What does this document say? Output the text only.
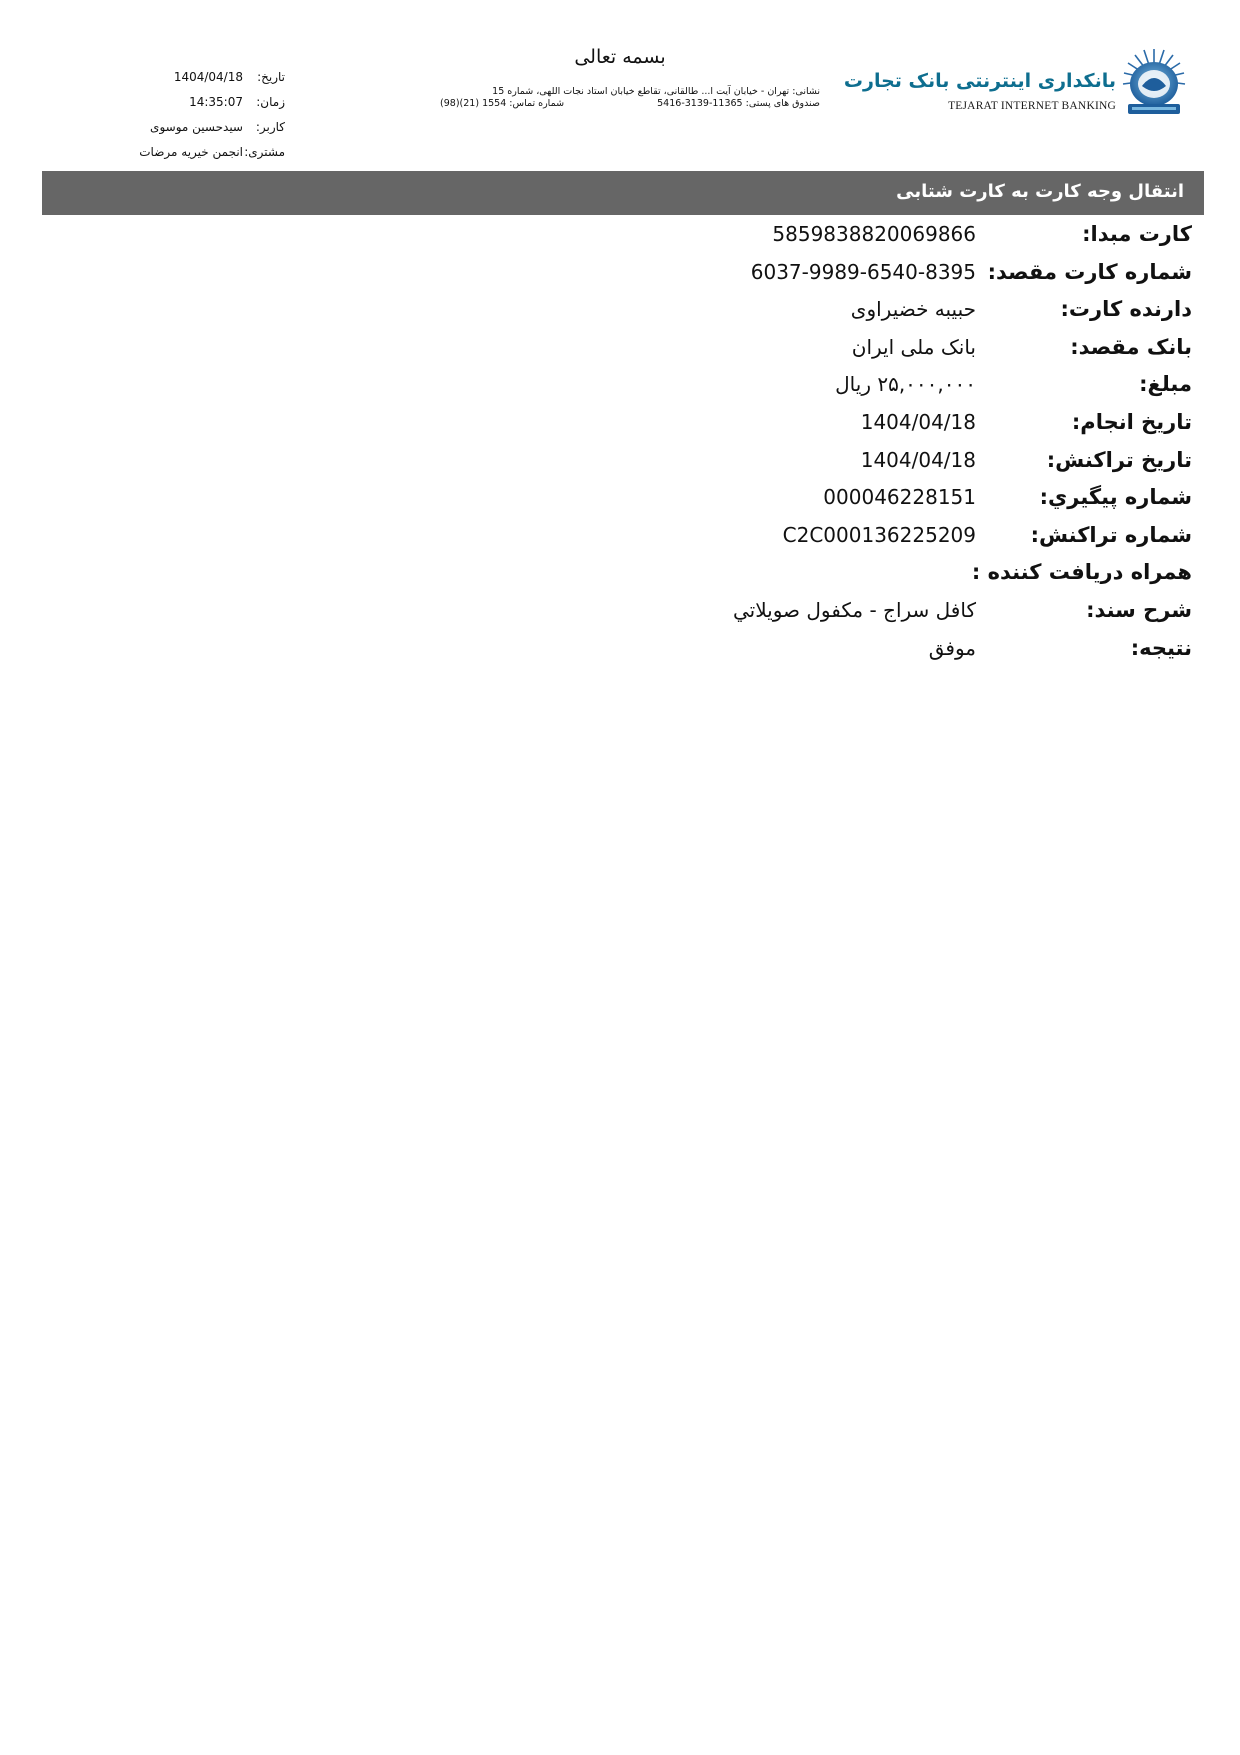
بسمه تعالی
تاریخ:
1404/04/18
زمان:
14:35:07
کاربر:
سیدحسین موسوی
مشتری:
انجمن خیریه مرضات
نشانی: تهران - خیابان آیت ا... طالقانی، تقاطع خیابان استاد نجات اللهی، شماره 15
صندوق های پستی: 11365-3139-5416
شماره تماس: 1554 (21)(98)
بانکداری اینترنتی بانک تجارت
TEJARAT INTERNET BANKING
انتقال وجه کارت به کارت شتابی
کارت مبدا:
5859838820069866
شماره کارت مقصد:
6037-9989-6540-8395
دارنده کارت:
حبیبه خضیراوی
بانک مقصد:
بانک ملی ایران
مبلغ:
۲۵,۰۰۰,۰۰۰ ریال
تاریخ انجام:
1404/04/18
تاریخ تراکنش:
1404/04/18
شماره پيگيري:
000046228151
شماره تراکنش:
C2C000136225209
همراه دریافت کننده :
شرح سند:
کافل سراج - مکفول صويلاتي
نتیجه:
موفق
